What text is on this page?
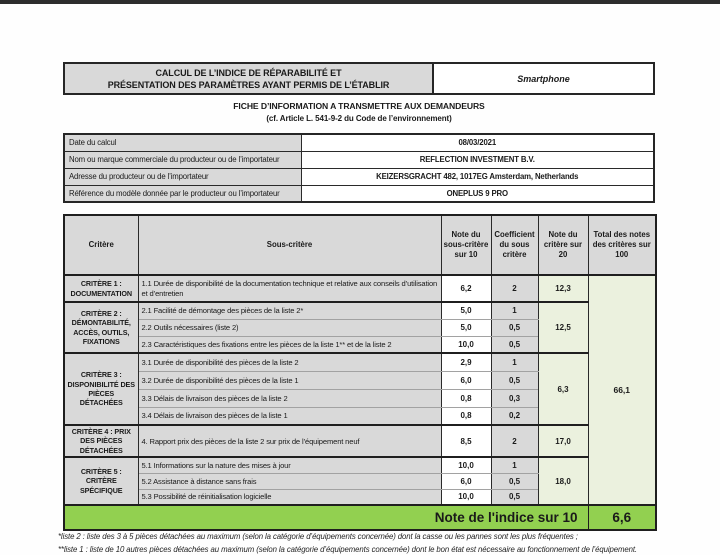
CALCUL DE L’INDICE DE RÉPARABILITÉ ET
PRÉSENTATION DES PARAMÈTRES AYANT PERMIS DE L’ÉTABLIR
Smartphone
FICHE D’INFORMATION A TRANSMETTRE AUX DEMANDEURS
(cf. Article L. 541-9-2 du Code de l’environnement)
Date du calcul	08/03/2021
Nom ou marque commerciale du producteur ou de l’importateur	REFLECTION INVESTMENT B.V.
Adresse du producteur ou de l’importateur	KEIZERSGRACHT 482, 1017EG Amsterdam, Netherlands
Référence du modèle donnée par le producteur ou l’importateur	ONEPLUS 9 PRO
Critère	Sous-critère	Note du sous-critère sur 10	Coefficient du sous critère	Note du critère sur 20	Total des notes des critères sur 100
CRITÈRE 1 : DOCUMENTATION	1.1 Durée de disponibilité de la documentation technique et relative aux conseils d’utilisation et d’entretien	6,2	2	12,3	66,1
CRITÈRE 2 : DÉMONTABILITÉ, ACCÈS, OUTILS, FIXATIONS	2.1 Facilité de démontage des pièces de la liste 2*	5,0	1	12,5	
	2.2 Outils nécessaires (liste 2)	5,0	0,5		
	2.3 Caractéristiques des fixations entre les pièces de la liste 1** et de la liste 2	10,0	0,5		
CRITÈRE 3 : DISPONIBILITÉ DES PIÈCES DÉTACHÉES	3.1 Durée de disponibilité des pièces de la liste 2	2,9	1	6,3	
	3.2 Durée de disponibilité des pièces de la liste 1	6,0	0,5		
	3.3 Délais de livraison des pièces de la liste 2	0,8	0,3		
	3.4 Délais de livraison des pièces de la liste 1	0,8	0,2		
CRITÈRE 4 : PRIX DES PIÈCES DÉTACHÉES	4. Rapport prix des pièces de la liste 2 sur prix de l’équipement neuf	8,5	2	17,0	
CRITÈRE 5 : CRITÈRE SPÉCIFIQUE	5.1 Informations sur la nature des mises à jour	10,0	1	18,0	
	5.2 Assistance à distance sans frais	6,0	0,5		
	5.3 Possibilité de réinitialisation logicielle	10,0	0,5		
Note de l'indice sur 10					6,6
*liste 2 : liste des 3 à 5 pièces détachées au maximum (selon la catégorie d’équipements concernée) dont la casse ou les pannes sont les plus fréquentes ;
**liste 1 : liste de 10 autres pièces détachées au maximum (selon la catégorie d’équipements concernée) dont le bon état est nécessaire au fonctionnement de l’équipement.
